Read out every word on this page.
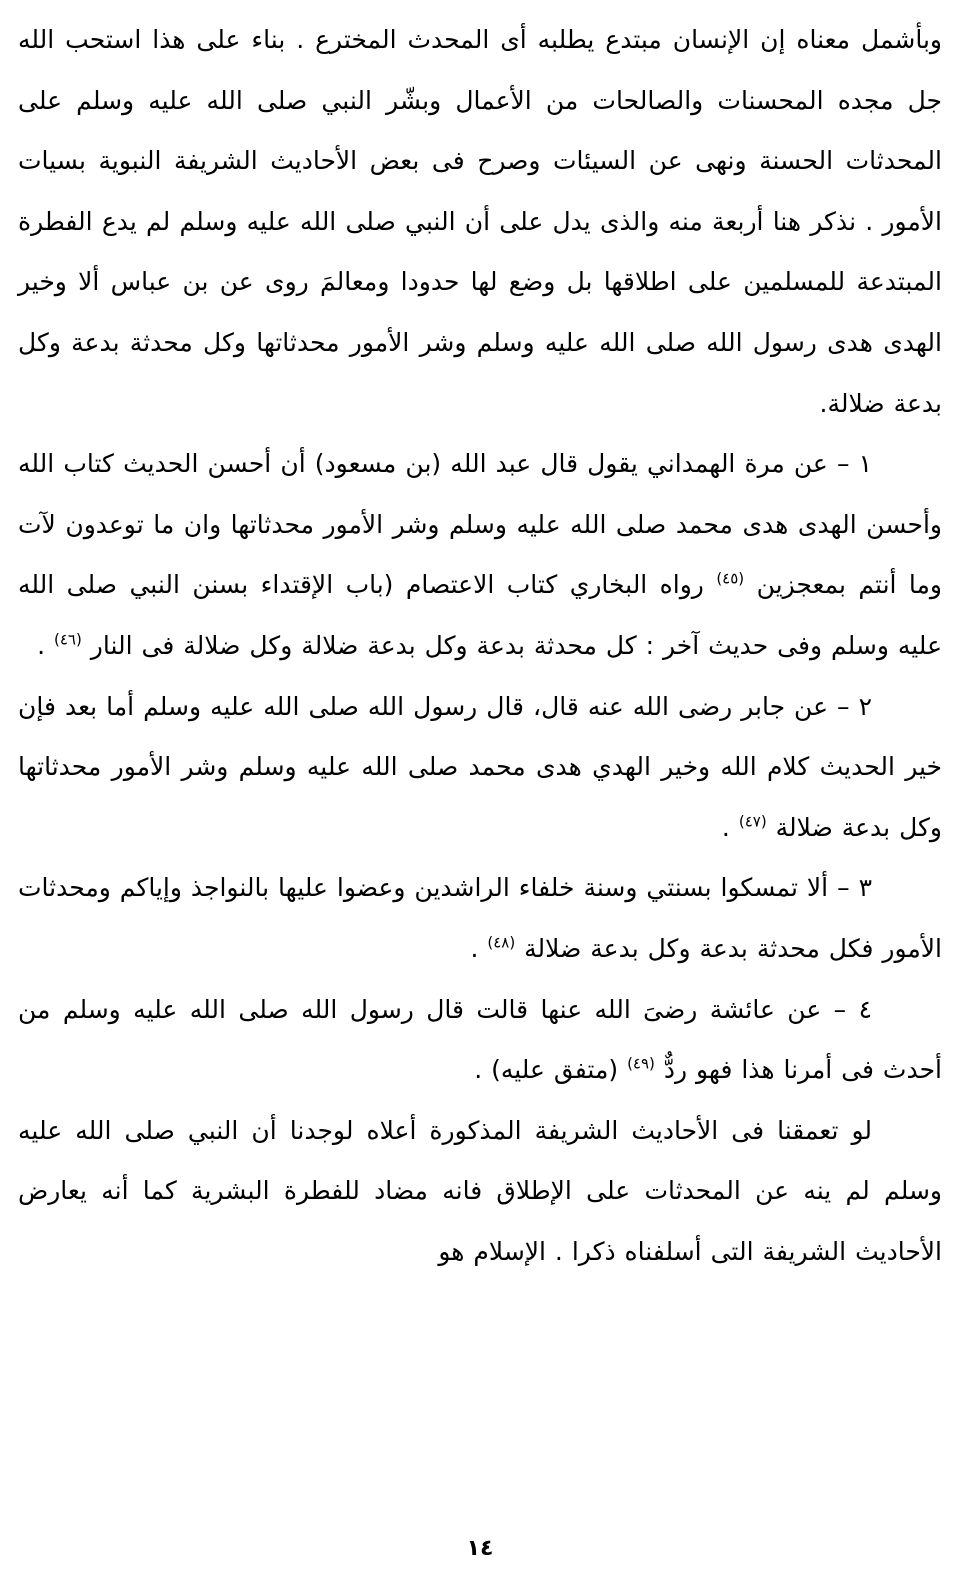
وبأشمل معناه إن الإنسان مبتدع يطلبه أى المحدث المخترع . بناء على هذا استحب الله جل مجده المحسنات والصالحات من الأعمال وبشّر النبي صلى الله عليه وسلم على المحدثات الحسنة ونهى عن السيئات وصرح فى بعض الأحاديث الشريفة النبوية بسيات الأمور . نذكر هنا أربعة منه والذى يدل على أن النبي صلى الله عليه وسلم لم يدع الفطرة المبتدعة للمسلمين على اطلاقها بل وضع لها حدودا ومعالمَ روى عن بن عباس ألا وخير الهدى هدى رسول الله صلى الله عليه وسلم وشر الأمور محدثاتها وكل محدثة بدعة وكل بدعة ضلالة.

١ – عن مرة الهمداني يقول قال عبد الله (بن مسعود) أن أحسن الحديث كتاب الله وأحسن الهدى هدى محمد صلى الله عليه وسلم وشر الأمور محدثاتها وان ما توعدون لآت وما أنتم بمعجزين $^{(٤٥)}$ رواه البخاري كتاب الاعتصام (باب الإقتداء بسنن النبي صلى الله عليه وسلم وفى حديث آخر : كل محدثة بدعة وكل بدعة ضلالة وكل ضلالة فى النار $^{(٤٦)}$ .

٢ – عن جابر رضى الله عنه قال، قال رسول الله صلى الله عليه وسلم أما بعد فإن خير الحديث كلام الله وخير الهدي هدى محمد صلى الله عليه وسلم وشر الأمور محدثاتها وكل بدعة ضلالة $^{(٤٧)}$ .

٣ – ألا تمسكوا بسنتي وسنة خلفاء الراشدين وعضوا عليها بالنواجذ وإياكم ومحدثات الأمور فكل محدثة بدعة وكل بدعة ضلالة $^{(٤٨)}$ .

٤ – عن عائشة رضىَ الله عنها قالت قال رسول الله صلى الله عليه وسلم من أحدث فى أمرنا هذا فهو ردٌّ $^{(٤٩)}$ (متفق عليه) .

لو تعمقنا فى الأحاديث الشريفة المذكورة أعلاه لوجدنا أن النبي صلى الله عليه وسلم لم ينه عن المحدثات على الإطلاق فانه مضاد للفطرة البشرية كما أنه يعارض الأحاديث الشريفة التى أسلفناه ذكرا . الإسلام هو

١٤
